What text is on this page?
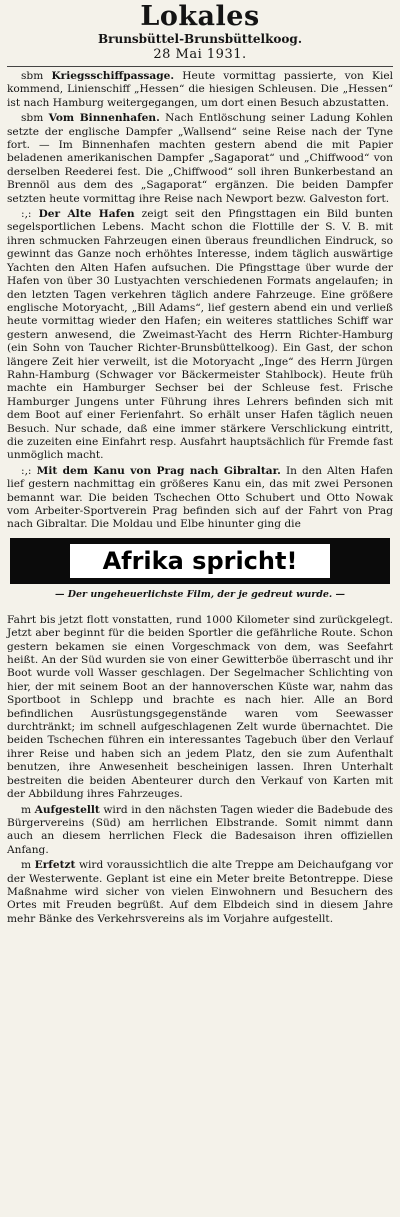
Lokales
Brunsbüttel-Brunsbüttelkoog.
28 Mai 1931.

sbm Kriegsschiffpassage. Heute vormittag passierte, von Kiel kommend, Linienschiff „Hessen“ die hiesigen Schleusen. Die „Hessen“ ist nach Hamburg weitergegangen, um dort einen Besuch abzustatten.

sbm Vom Binnenhafen. Nach Entlöschung seiner Ladung Kohlen setzte der englische Dampfer „Wallsend“ seine Reise nach der Tyne fort. — Im Binnenhafen machten gestern abend die mit Papier beladenen amerikanischen Dampfer „Sagaporat“ und „Chiffwood“ von derselben Reederei fest. Die „Chiffwood“ soll ihren Bunkerbestand an Brennöl aus dem des „Sagaporat“ ergänzen. Die beiden Dampfer setzten heute vormittag ihre Reise nach Newport bezw. Galveston fort.

:,: Der Alte Hafen zeigt seit den Pfingsttagen ein Bild bunten segelsportlichen Lebens. Macht schon die Flottille der S. V. B. mit ihren schmucken Fahrzeugen einen überaus freundlichen Eindruck, so gewinnt das Ganze noch erhöhtes Interesse, indem täglich auswärtige Yachten den Alten Hafen aufsuchen. Die Pfingsttage über wurde der Hafen von über 30 Lustyachten verschiedenen Formats angelaufen; in den letzten Tagen verkehren täglich andere Fahrzeuge. Eine größere englische Motoryacht, „Bill Adams“, lief gestern abend ein und verließ heute vormittag wieder den Hafen; ein weiteres stattliches Schiff war gestern anwesend, die Zweimast-Yacht des Herrn Richter-Hamburg (ein Sohn von Taucher Richter-Brunsbüttelkoog). Ein Gast, der schon längere Zeit hier verweilt, ist die Motoryacht „Inge“ des Herrn Jürgen Rahn-Hamburg (Schwager vor Bäckermeister Stahlbock). Heute früh machte ein Hamburger Sechser bei der Schleuse fest. Frische Hamburger Jungens unter Führung ihres Lehrers befinden sich mit dem Boot auf einer Ferienfahrt. So erhält unser Hafen täglich neuen Besuch. Nur schade, daß eine immer stärkere Verschlickung eintritt, die zuzeiten eine Einfahrt resp. Ausfahrt hauptsächlich für Fremde fast unmöglich macht.

:,: Mit dem Kanu von Prag nach Gibraltar. In den Alten Hafen lief gestern nachmittag ein größeres Kanu ein, das mit zwei Personen bemannt war. Die beiden Tschechen Otto Schubert und Otto Nowak vom Arbeiter-Sportverein Prag befinden sich auf der Fahrt von Prag nach Gibraltar. Die Moldau und Elbe hinunter ging die

Afrika spricht!
— Der ungeheuerlichste Film, der je gedreut wurde. —

Fahrt bis jetzt flott vonstatten, rund 1000 Kilometer sind zurückgelegt. Jetzt aber beginnt für die beiden Sportler die gefährliche Route. Schon gestern bekamen sie einen Vorgeschmack von dem, was Seefahrt heißt. An der Süd wurden sie von einer Gewitterböe überrascht und ihr Boot wurde voll Wasser geschlagen. Der Segelmacher Schlichting von hier, der mit seinem Boot an der hannoverschen Küste war, nahm das Sportboot in Schlepp und brachte es nach hier. Alle an Bord befindlichen Ausrüstungsgegenstände waren vom Seewasser durchtränkt; im schnell aufgeschlagenen Zelt wurde übernachtet. Die beiden Tschechen führen ein interessantes Tagebuch über den Verlauf ihrer Reise und haben sich an jedem Platz, den sie zum Aufenthalt benutzen, ihre Anwesenheit bescheinigen lassen. Ihren Unterhalt bestreiten die beiden Abenteurer durch den Verkauf von Karten mit der Abbildung ihres Fahrzeuges.

m Aufgestellt wird in den nächsten Tagen wieder die Badebude des Bürgervereins (Süd) am herrlichen Elbstrande. Somit nimmt dann auch an diesem herrlichen Fleck die Badesaison ihren offiziellen Anfang.

m Erfetzt wird voraussichtlich die alte Treppe am Deichaufgang vor der Westerwente. Geplant ist eine ein Meter breite Betontreppe. Diese Maßnahme wird sicher von vielen Einwohnern und Besuchern des Ortes mit Freuden begrüßt. Auf dem Elbdeich sind in diesem Jahre mehr Bänke des Verkehrsvereins als im Vorjahre aufgestellt.
